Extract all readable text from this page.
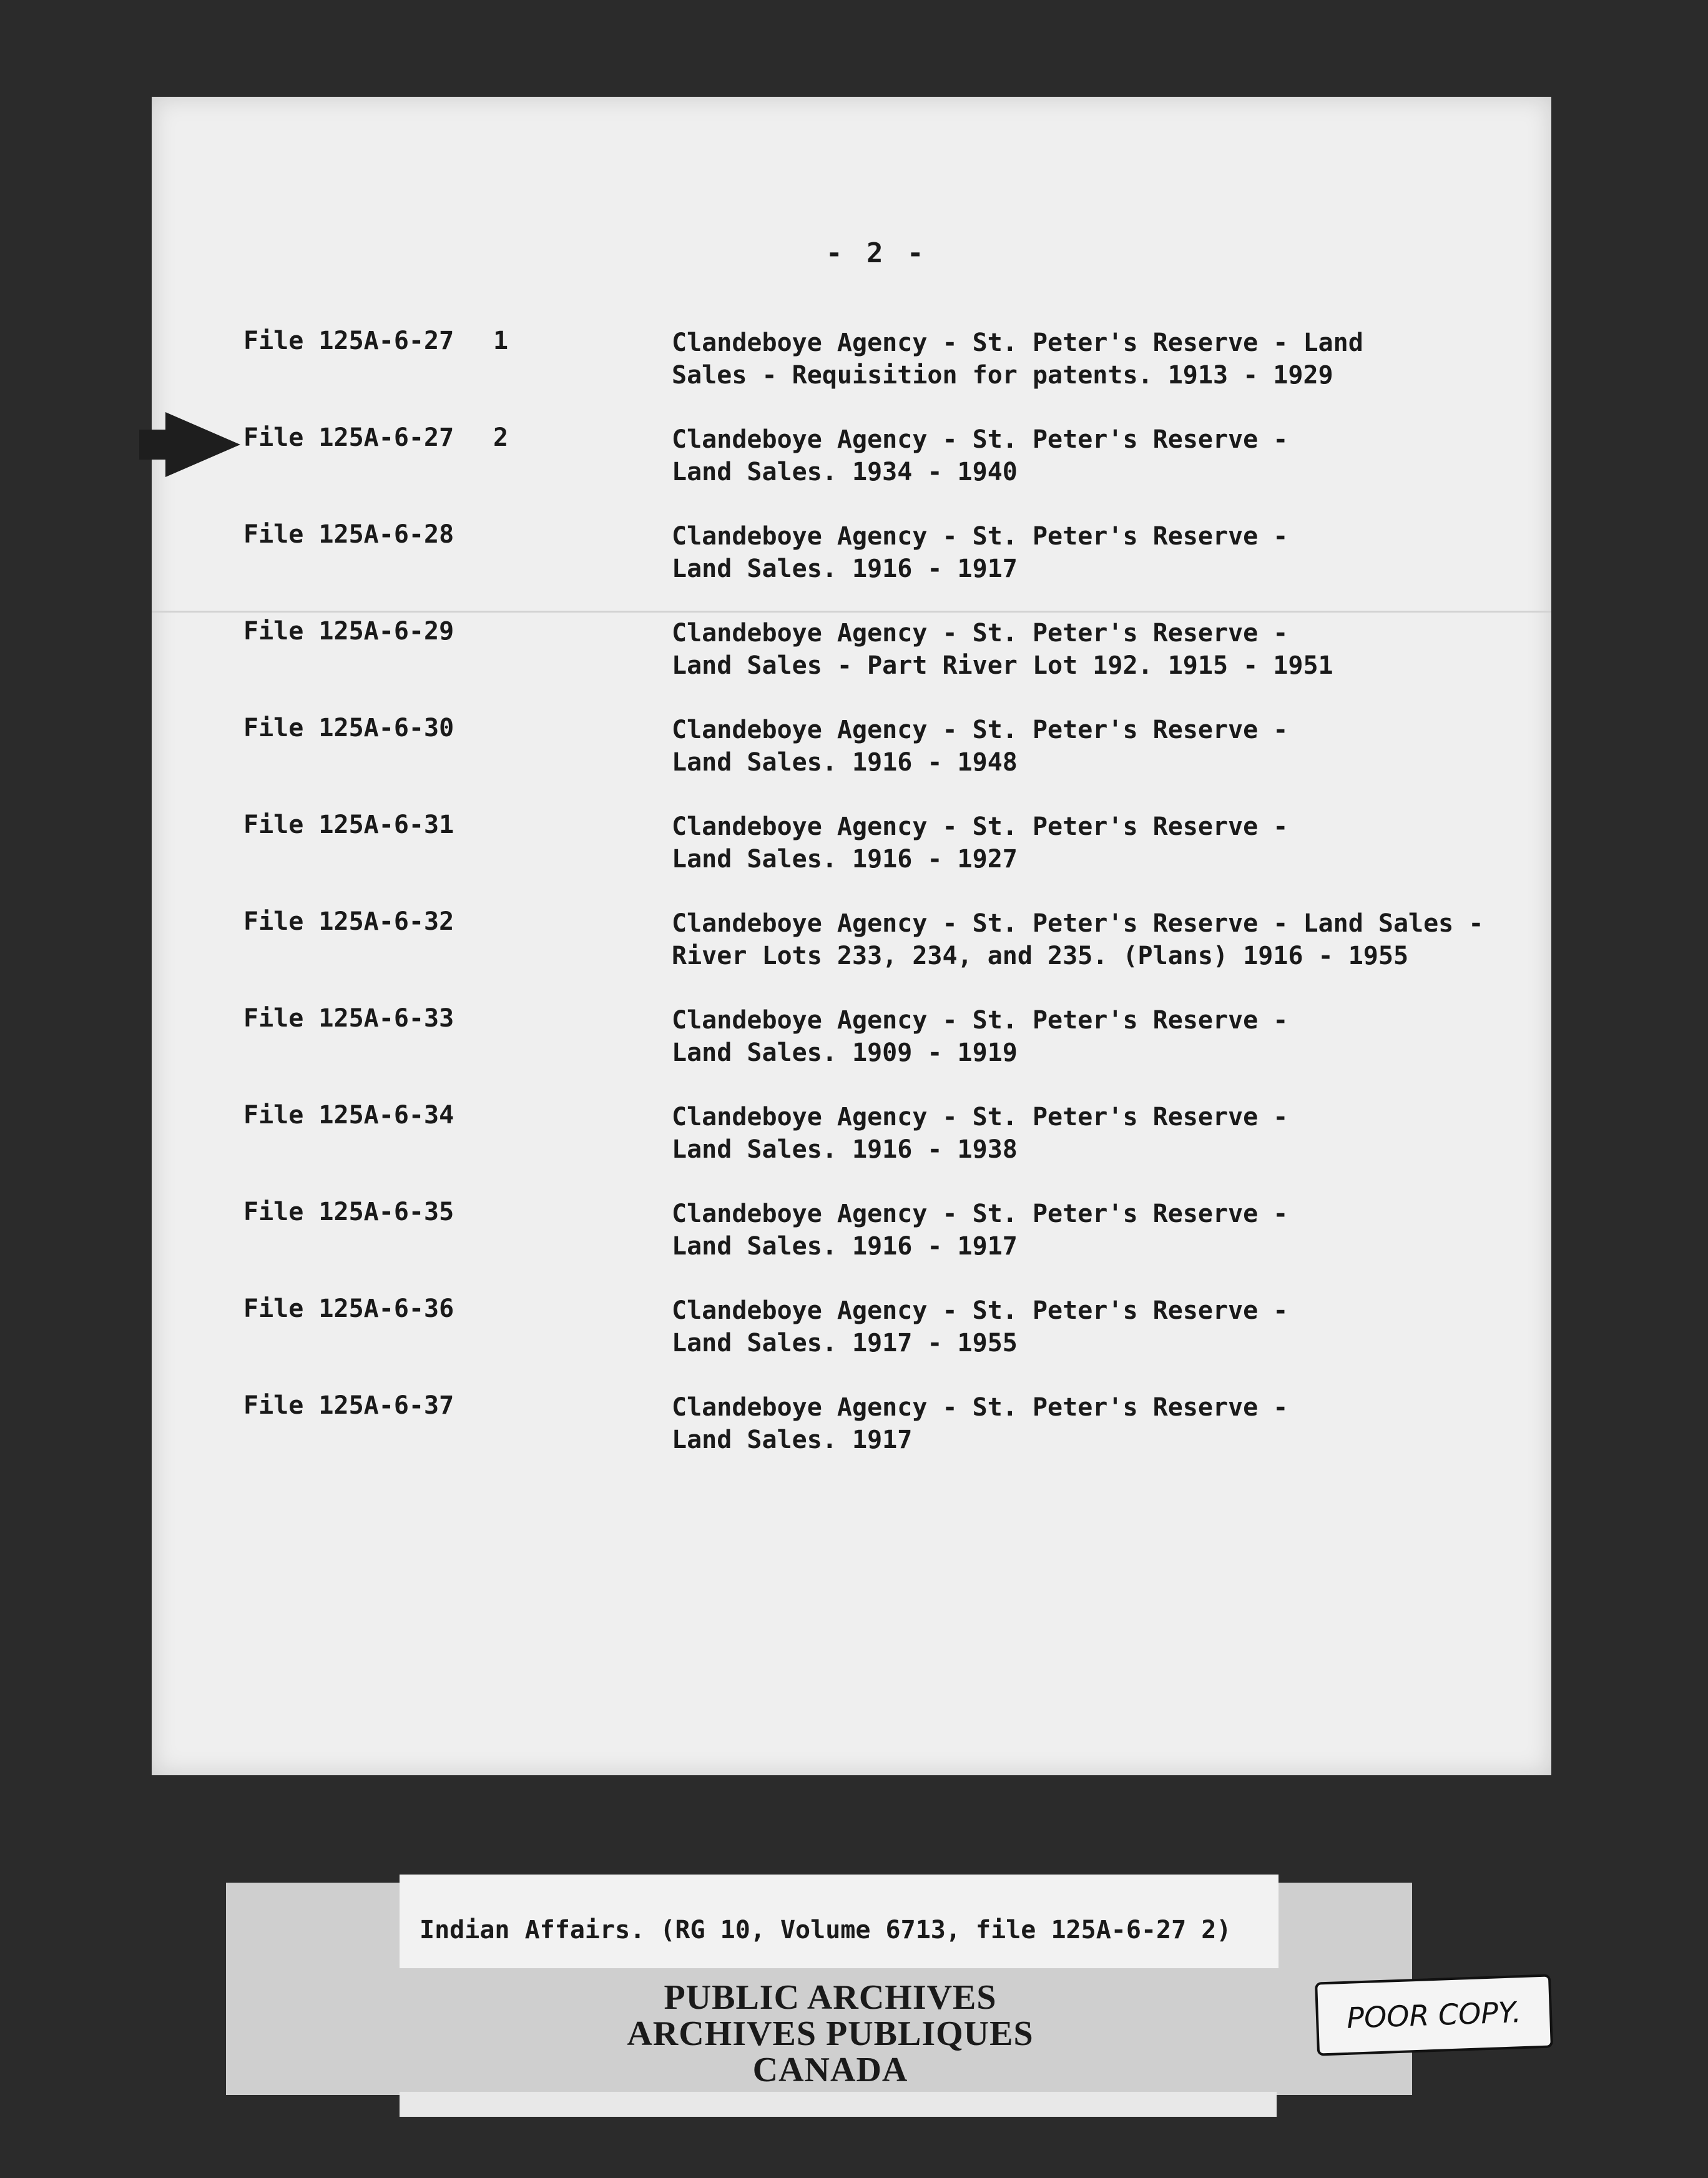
- 2 -
File 125A-6-27 1	Clandeboye Agency - St. Peter's Reserve - Land
Sales - Requisition for patents. 1913 - 1929
File 125A-6-27 2	Clandeboye Agency - St. Peter's Reserve -
Land Sales. 1934 - 1940
File 125A-6-28	Clandeboye Agency - St. Peter's Reserve -
Land Sales. 1916 - 1917
File 125A-6-29	Clandeboye Agency - St. Peter's Reserve -
Land Sales - Part River Lot 192. 1915 - 1951
File 125A-6-30	Clandeboye Agency - St. Peter's Reserve -
Land Sales. 1916 - 1948
File 125A-6-31	Clandeboye Agency - St. Peter's Reserve -
Land Sales. 1916 - 1927
File 125A-6-32	Clandeboye Agency - St. Peter's Reserve - Land Sales -
River Lots 233, 234, and 235. (Plans) 1916 - 1955
File 125A-6-33	Clandeboye Agency - St. Peter's Reserve -
Land Sales. 1909 - 1919
File 125A-6-34	Clandeboye Agency - St. Peter's Reserve -
Land Sales. 1916 - 1938
File 125A-6-35	Clandeboye Agency - St. Peter's Reserve -
Land Sales. 1916 - 1917
File 125A-6-36	Clandeboye Agency - St. Peter's Reserve -
Land Sales. 1917 - 1955
File 125A-6-37	Clandeboye Agency - St. Peter's Reserve -
Land Sales. 1917
Indian Affairs. (RG 10, Volume 6713, file 125A-6-27 2)
PUBLIC ARCHIVES
ARCHIVES PUBLIQUES
CANADA
POOR COPY.
